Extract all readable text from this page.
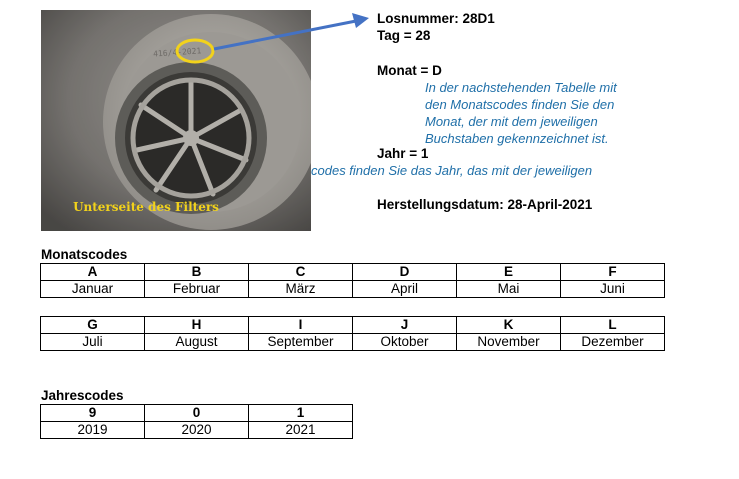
416/4-2021
Unterseite des Filters
Losnummer: 28D1
Tag = 28
Monat = D
In der nachstehenden Tabelle mit
den Monatscodes finden Sie den
Monat, der mit dem jeweiligen
Buchstaben gekennzeichnet ist.
Jahr = 1
codes finden Sie das Jahr, das mit der jeweiligen
Herstellungsdatum: 28-April-2021
Monatscodes
A	B	C	D	E	F
Januar	Februar	März	April	Mai	Juni
G	H	I	J	K	L
Juli	August	September	Oktober	November	Dezember
Jahrescodes
9	0	1
2019	2020	2021
